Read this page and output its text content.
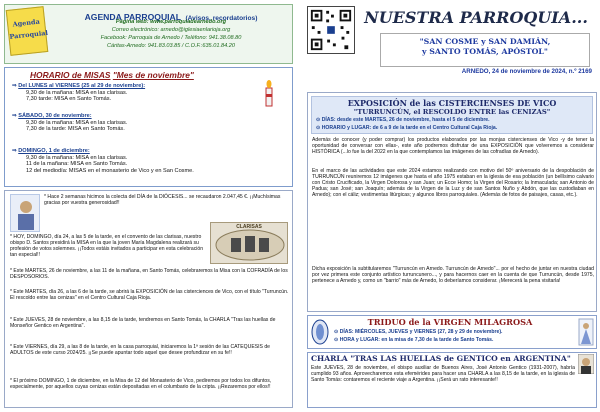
Agenda
Parroquial
AGENDA PARROQUIAL (Avisos, recordatorios)
Página web: www.parroquiadearnedo.org
Correo electrónico: arnedo@iglesiaenlarioja.org
Facebook: Parroquia de Arnedo / Teléfono: 941.38.08.80
Cáritas-Arnedo: 941.83.03.85 / C.O.F.:635.01.84.20
HORARIO de MISAS "Mes de noviembre"
⇒ Del LUNES al VIERNES (25 al 29 de noviembre):
9,30 de la mañana: MISA en las clarisas.
7,30 tarde: MISA en Santo Tomás.
⇒ SÁBADO, 30 de noviembre:
9,30 de la mañana: MISA en las clarisas.
7,30 de la tarde: MISA en Santo Tomás.
⇒ DOMINGO, 1 de diciembre:
9,30 de la mañana: MISA en las clarisas.
11 de la mañana: MISA en Santo Tomás.
12 del mediodía: MISAS en el monasterio de Vico y en San Cosme.
* Hace 2 semanas hicimos la colecta del DÍA de la DIÓCESIS... se recaudaron 2.047,45 €. ¡¡Muchísimas gracias por vuestra generosidad!!
CLARISAS
* HOY, DOMINGO, día 24, a las 5 de la tarde, en el convento de las clarisas, nuestro obispo D. Santos presidirá la MISA en la que la joven María Magdalena realizará su profesión de votos solemnes. ¡¡Todos estáis invitados a participar en esta celebración tan especial!!
* Este MARTES, 26 de noviembre, a las 11 de la mañana, en Santo Tomás, celebraremos la Misa con la COFRADÍA de los DESPOSORIOS.
* Este MARTES, día 26, a las 6 de la tarde, se abrirá la EXPOSICIÓN de las cisterciences de Vico, con el título "Turruncún. El rescoldo entre las cenizas" en el Centro Cultural Caja Rioja.
* Este JUEVES, 28 de noviembre, a las 8,15 de la tarde, tendremos en Santo Tomás, la CHARLA "Tras las huellas de Monseñor Gentico en Argentina".
* Este VIERNES, día 29, a las 8 de la tarde, en la casa parroquial, iniciaremos la 1ª sesión de las CATEQUESIS de ADULTOS de este curso 2024/25. ¡¡Se puede apuntar todo aquel que desee profundizar en su fe!!
* El próximo DOMINGO, 1 de diciembre, en la Misa de 12 del Monasterio de Vico, pediremos por todos los difuntos, especialmente, por aquellos cuyas cenizas están depositadas en el columbario de la cripta. ¡¡Rezaremos por ellos!!
NUESTRA PARROQUIA...
"SAN COSME y SAN DAMIÁN,
y SANTO TOMÁS, APÓSTOL"
ARNEDO, 24 de noviembre de 2024, n.º 2169
EXPOSICIÓN de las CISTERCIENSES DE VICO
"TURRUNCÚN, el RESCOLDO ENTRE las CENIZAS"
⊙ DÍAS: desde este MARTES, 26 de noviembre, hasta el 5 de diciembre.
⊙ HORARIO y LUGAR: de 6 a 9 de la tarde en el Centro Cultural Caja Rioja.
Además de conocer (y poder comprar) los productos elaborados por las monjas cistercienses de Vico -y de tener la oportunidad de conversar con ellas-, este año podremos disfrutar de una EXPOSICIÓN que volveremos a considerar HISTÓRICA (...lo fue la del 2022 en la que contemplamos las imágenes de las cofradías de Arnedo).
En el marco de las actividades que este 2024 estamos realizando con motivo del 50º aniversario de la despoblación de TURRUNCÚN reuniremos 12 imágenes que hasta el año 1975 estaban en la iglesia de esa población (un bellísimo calvario con Cristo Crucificado, la Virgen Dolorosa y san Juan; un Ecce Homo; la Virgen del Rosario; la Inmaculada; san Antonio de Padua; san José; san Joaquín; además de la Virgen de la Luz y de san Santos Nuño y Abdón, que las custodiaban en Arnedo); con el cáliz; vestimentas litúrgicas; y algunos libros parroquiales. (Además de fotos de paisajes, casas, etc.).
Dicha exposición la subtitularemos "Turruncún en Arnedo. Turruncún de Arnedo"... por el hecho de juntar en nuestra ciudad por vez primera este conjunto artístico turruncunero..., y para hacernos caer en la cuenta de que Turruncún, desde 1975, pertenece a Arnedo y, como un "barrio" más de Arnedo, lo deberíamos considerar. ¡Merecerá la pena visitarla!
TRIDUO de la VIRGEN MILAGROSA
⊙ DÍAS: MIÉRCOLES, JUEVES y VIERNES (27, 28 y 29 de noviembre).
⊙ HORA y LUGAR: en la misa de 7,30 de la tarde de Santo Tomás.
CHARLA "TRAS LAS HUELLAS de GENTICO en ARGENTINA"
Este JUEVES, 28 de noviembre, el obispo auxiliar de Buenos Aires, José Antonio Gentico (1931-2007), habría cumplido 93 años. Aprovecharemos esta efemérides para hacer una CHARLA a las 8,15 de la tarde, en la iglesia de Santo Tomás: contaremos el reciente viaje a Argentina. ¡¡Será un rato interesante!!
